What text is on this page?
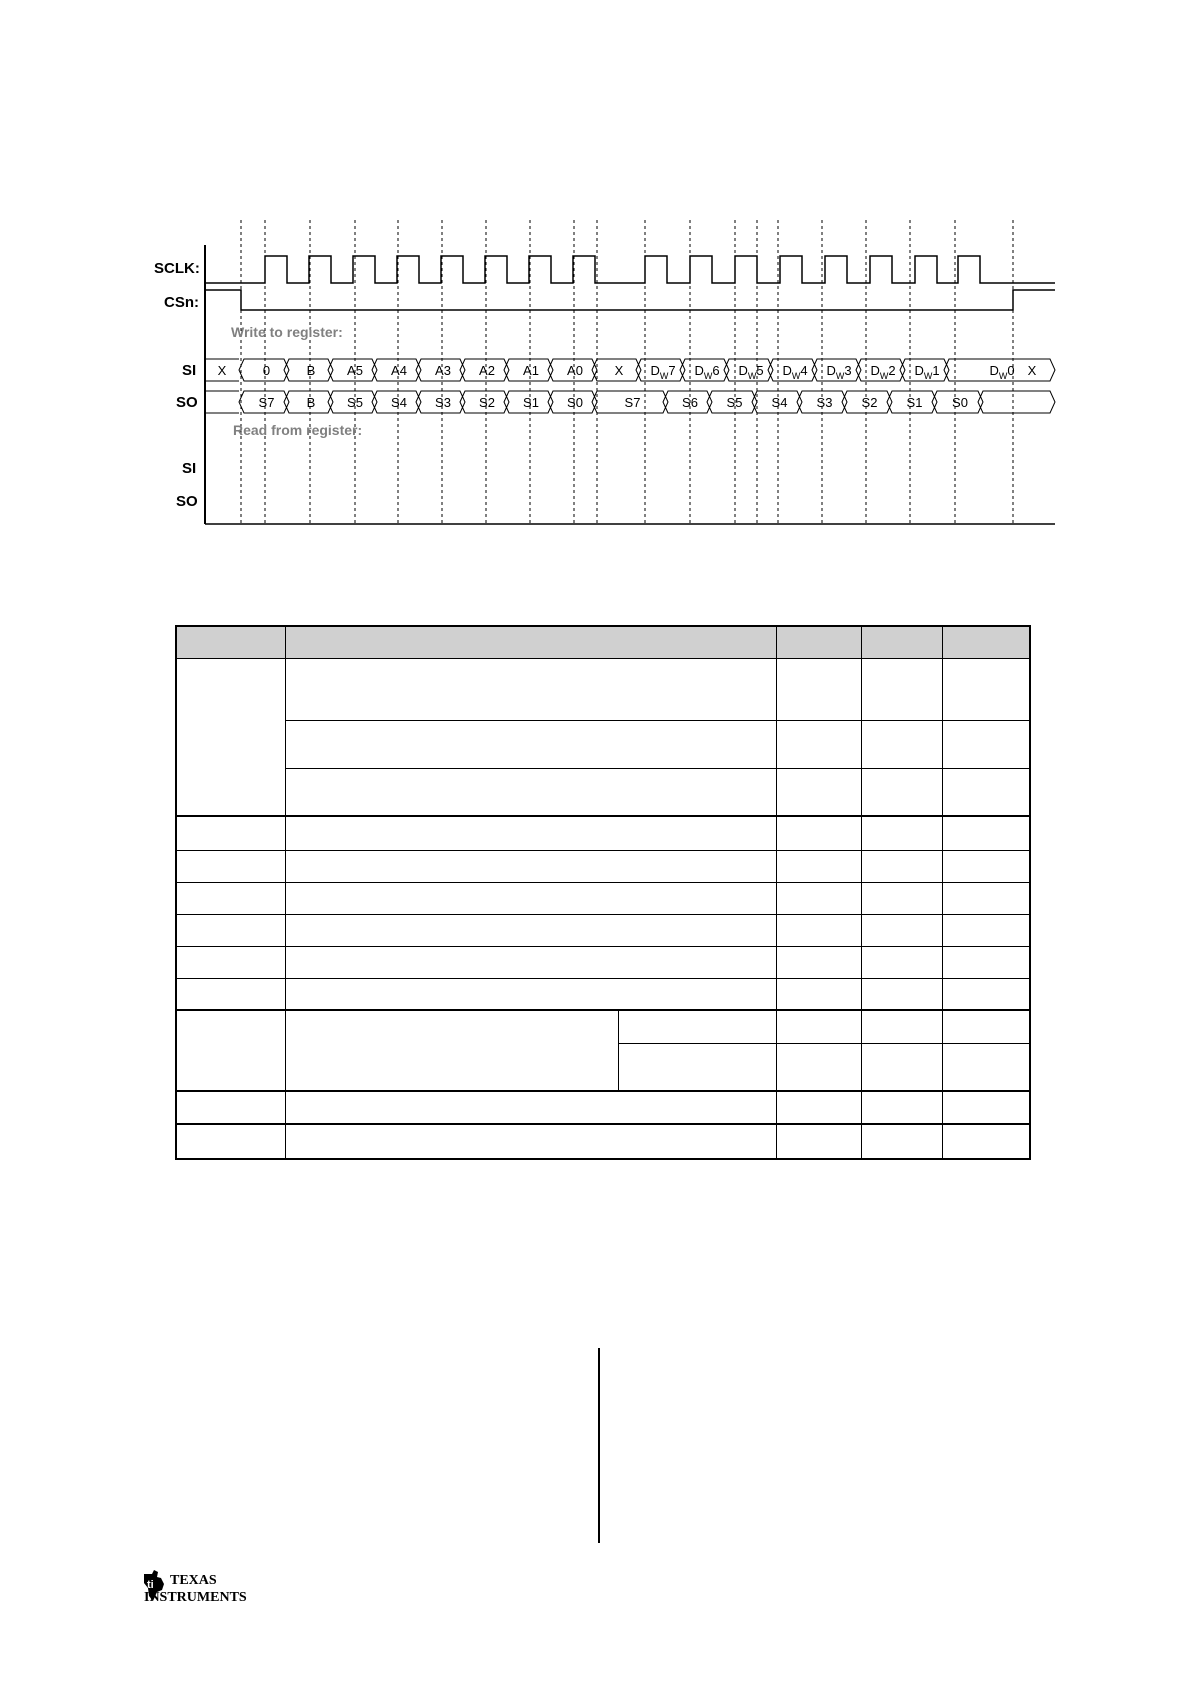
0	B A5 A4 A3 A2 A1 A0 X $D_W7$ $D_W6$ $D_W5$ $D_W4$ $D_W3$ $D_W2$ $D_W1$	$D_W0$
X	X
S7 B S5 S4 S3 S2 S1 S0	S7	S6 S5 S4 S3 S2 S1 S0
SCLK:
CSn:
SI
SO
SI
SO
Write to register:
Read from register:

ti TEXAS
INSTRUMENTS
